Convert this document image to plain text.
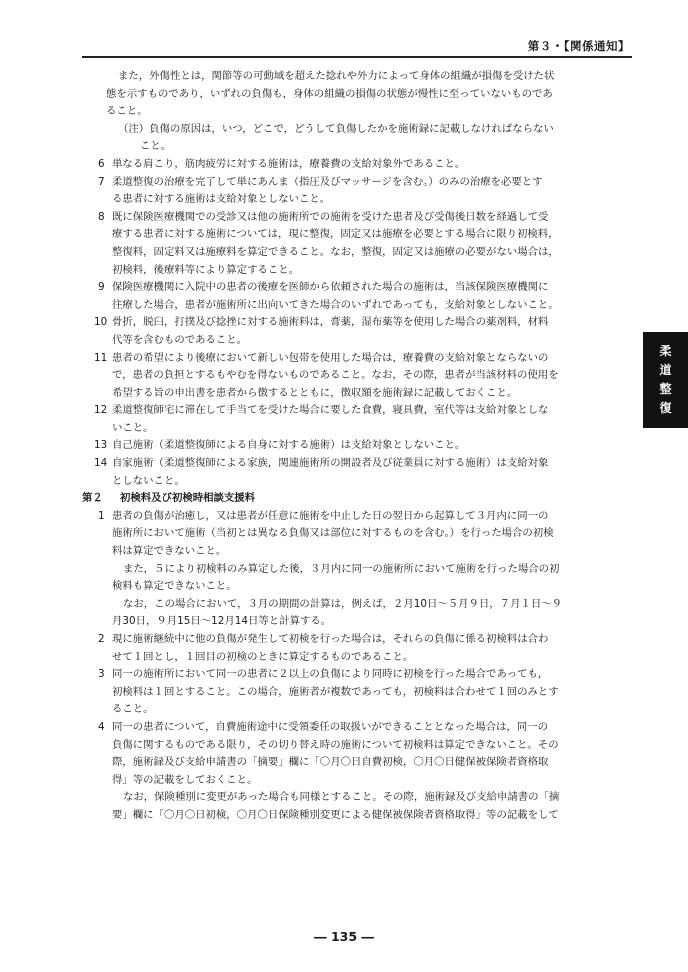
第３・【関係通知】
柔
道
整
復
また，外傷性とは，関節等の可動域を超えた捻れや外力によって身体の組織が損傷を受けた状
態を示すものであり，いずれの負傷も，身体の組織の損傷の状態が慢性に至っていないものであ
ること。
（注）負傷の原因は，いつ，どこで，どうして負傷したかを施術録に記載しなければならない
こと。
6 単なる肩こり，筋肉疲労に対する施術は，療養費の支給対象外であること。
7 柔道整復の治療を完了して単にあんま（指圧及びマッサージを含む。）のみの治療を必要とす
る患者に対する施術は支給対象としないこと。
8 既に保険医療機関での受診又は他の施術所での施術を受けた患者及び受傷後日数を経過して受
療する患者に対する施術については，現に整復，固定又は施療を必要とする場合に限り初検料，
整復料，固定料又は施療料を算定できること。なお，整復，固定又は施療の必要がない場合は，
初検料，後療料等により算定すること。
9 保険医療機関に入院中の患者の後療を医師から依頼された場合の施術は，当該保険医療機関に
往療した場合，患者が施術所に出向いてきた場合のいずれであっても，支給対象としないこと。
10 骨折，脱臼，打撲及び捻挫に対する施術料は，膏薬，湿布薬等を使用した場合の薬剤料，材料
代等を含むものであること。
11 患者の希望により後療において新しい包帯を使用した場合は，療養費の支給対象とならないの
で，患者の負担とするもやむを得ないものであること。なお，その際，患者が当該材料の使用を
希望する旨の申出書を患者から徴するとともに，徴収額を施術録に記載しておくこと。
12 柔道整復師宅に滞在して手当てを受けた場合に要した食費，寝具費，室代等は支給対象としな
いこと。
13 自己施術（柔道整復師による自身に対する施術）は支給対象としないこと。
14 自家施術（柔道整復師による家族，関連施術所の開設者及び従業員に対する施術）は支給対象
としないこと。
第２ 初検料及び初検時相談支援料
1 患者の負傷が治癒し，又は患者が任意に施術を中止した日の翌日から起算して３月内に同一の
施術所において施術（当初とは異なる負傷又は部位に対するものを含む。）を行った場合の初検
料は算定できないこと。
また，５により初検料のみ算定した後，３月内に同一の施術所において施術を行った場合の初
検料も算定できないこと。
なお，この場合において，３月の期間の計算は，例えば，２月10日～５月９日，７月１日～９
月30日，９月15日～12月14日等と計算する。
2 現に施術継続中に他の負傷が発生して初検を行った場合は，それらの負傷に係る初検料は合わ
せて１回とし，１回目の初検のときに算定するものであること。
3 同一の施術所において同一の患者に２以上の負傷により同時に初検を行った場合であっても，
初検料は１回とすること。この場合，施術者が複数であっても，初検料は合わせて１回のみとす
ること。
4 同一の患者について，自費施術途中に受領委任の取扱いができることとなった場合は，同一の
負傷に関するものである限り，その切り替え時の施術について初検料は算定できないこと。その
際，施術録及び支給申請書の「摘要」欄に「〇月〇日自費初検，〇月〇日健保被保険者資格取
得」等の記載をしておくこと。
なお，保険種別に変更があった場合も同様とすること。その際，施術録及び支給申請書の「摘
要」欄に「〇月〇日初検，〇月〇日保険種別変更による健保被保険者資格取得」等の記載をして
― 135 ―
